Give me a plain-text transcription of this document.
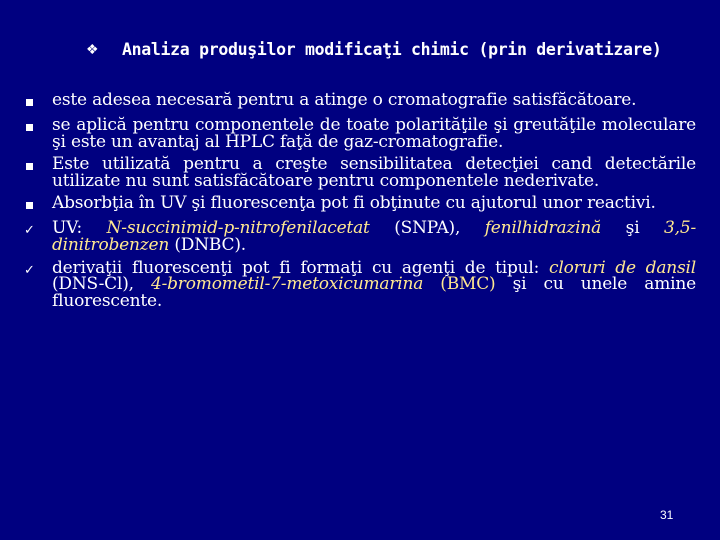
❖ Analiza produşilor modificaţi chimic (prin derivatizare)
este adesea necesară pentru a atinge o cromatografie satisfăcătoare.
se aplică pentru componentele de toate polarităţile şi greutăţile moleculare şi este un avantaj al HPLC faţă de gaz-cromatografie.
Este utilizată pentru a creşte sensibilitatea detecţiei cand detectările utilizate nu sunt satisfăcătoare pentru componentele nederivate.
Absorbţia în UV şi fluorescenţa pot fi obţinute cu ajutorul unor reactivi.
✓	UV: N-succinimid-p-nitrofenilacetat (SNPA), fenilhidrazină şi 3,5-dinitrobenzen (DNBC).
✓	derivaţii fluorescenţi pot fi formaţi cu agenţi de tipul: cloruri de dansil (DNS-Cl), 4-bromometil-7-metoxicumarina (BMC) şi cu unele amine fluorescente.
31
